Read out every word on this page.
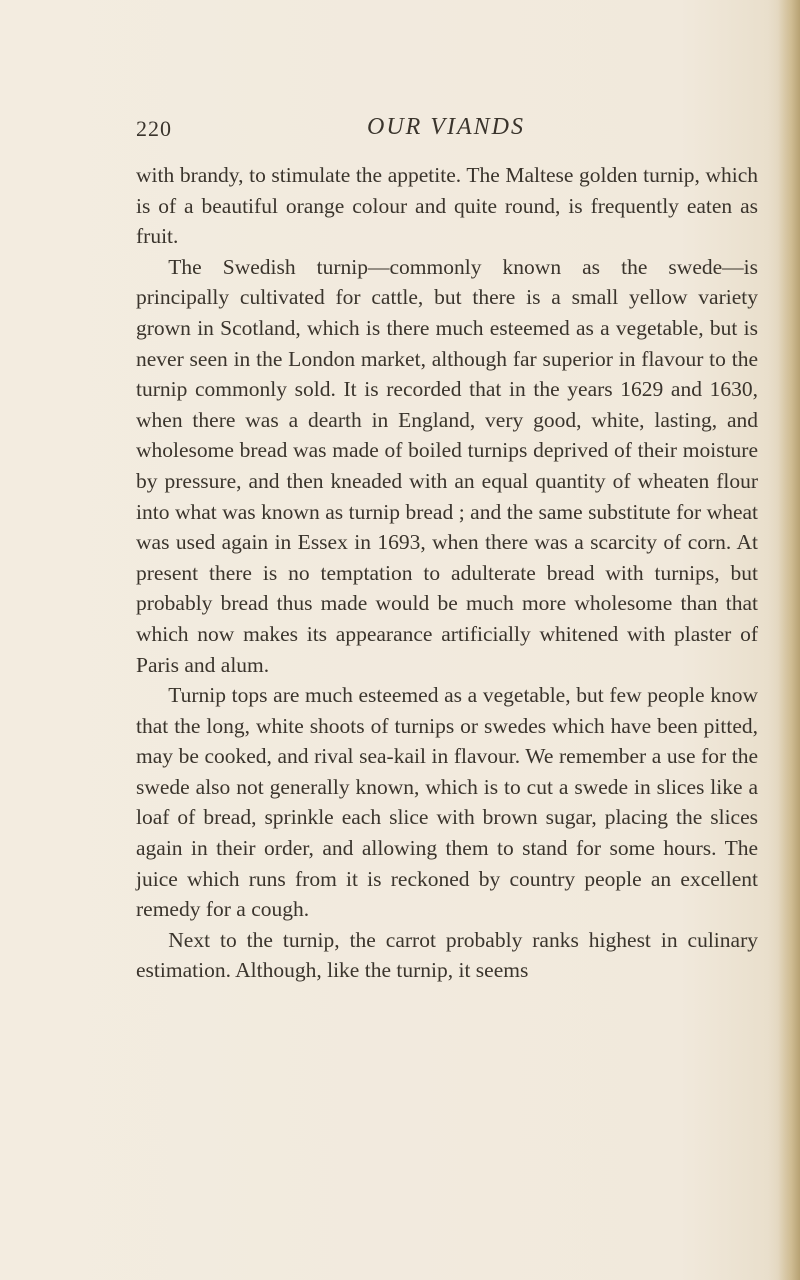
220	OUR VIANDS

with brandy, to stimulate the appetite. The Maltese golden turnip, which is of a beautiful orange colour and quite round, is frequently eaten as fruit.

The Swedish turnip—commonly known as the swede—is principally cultivated for cattle, but there is a small yellow variety grown in Scotland, which is there much esteemed as a vegetable, but is never seen in the London market, although far superior in flavour to the turnip commonly sold. It is recorded that in the years 1629 and 1630, when there was a dearth in England, very good, white, lasting, and wholesome bread was made of boiled turnips deprived of their moisture by pressure, and then kneaded with an equal quantity of wheaten flour into what was known as turnip bread ; and the same substitute for wheat was used again in Essex in 1693, when there was a scarcity of corn. At present there is no temptation to adulterate bread with turnips, but probably bread thus made would be much more wholesome than that which now makes its appearance artificially whitened with plaster of Paris and alum.

Turnip tops are much esteemed as a vegetable, but few people know that the long, white shoots of turnips or swedes which have been pitted, may be cooked, and rival sea-kail in flavour. We remember a use for the swede also not generally known, which is to cut a swede in slices like a loaf of bread, sprinkle each slice with brown sugar, placing the slices again in their order, and allowing them to stand for some hours. The juice which runs from it is reckoned by country people an excellent remedy for a cough.

Next to the turnip, the carrot probably ranks highest in culinary estimation. Although, like the turnip, it seems
